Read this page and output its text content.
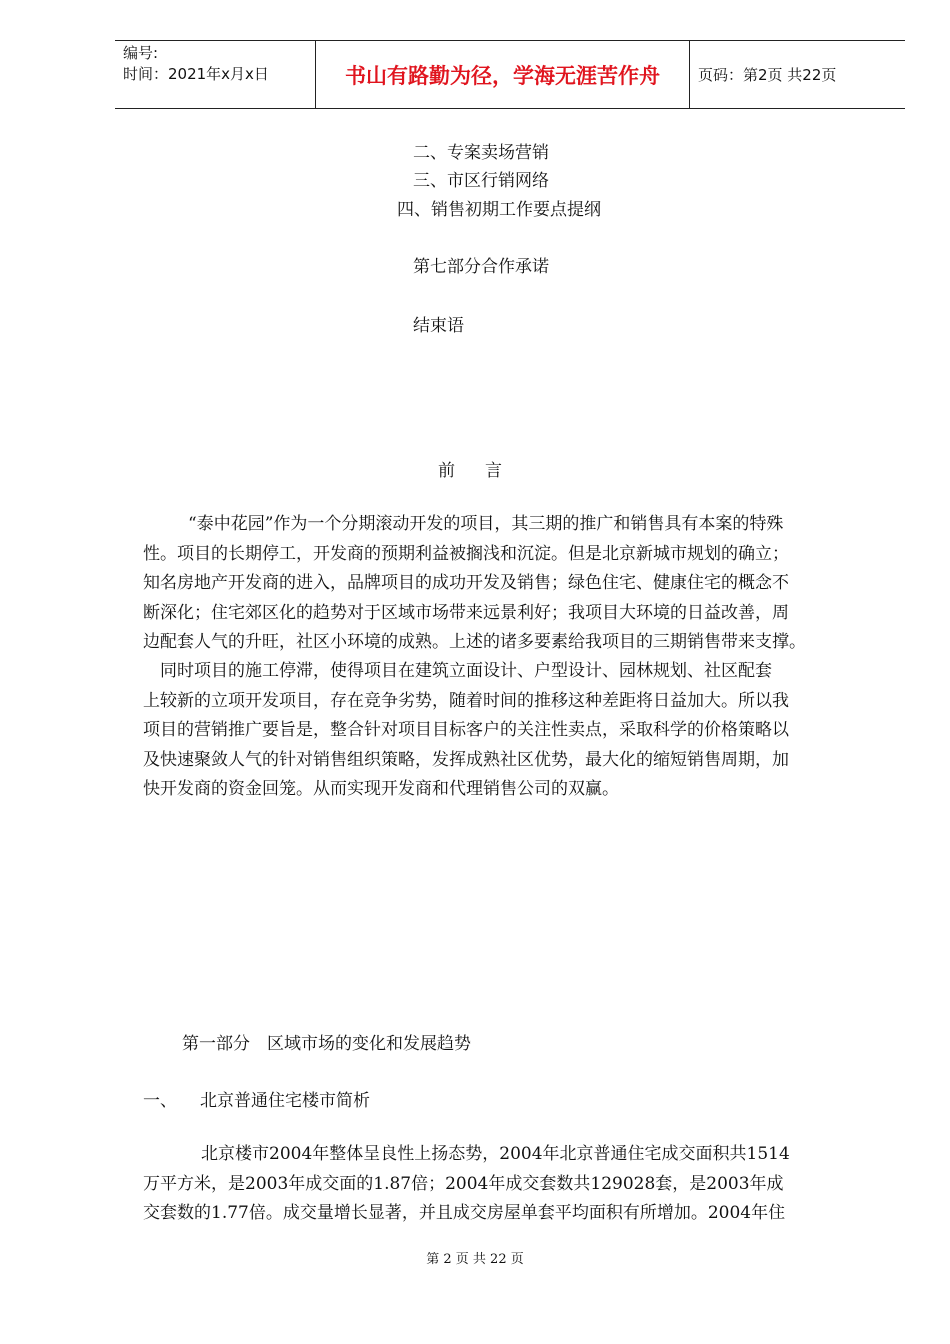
编号:
时间：2021年x月x日	书山有路勤为径，学海无涯苦作舟	页码：第2页 共22页
二、专案卖场营销
三、市区行销网络
四、销售初期工作要点提纲
第七部分合作承诺
结束语
前言
“泰中花园”作为一个分期滚动开发的项目，其三期的推广和销售具有本案的特殊
性。项目的长期停工，开发商的预期利益被搁浅和沉淀。但是北京新城市规划的确立；
知名房地产开发商的进入，品牌项目的成功开发及销售；绿色住宅、健康住宅的概念不
断深化；住宅郊区化的趋势对于区域市场带来远景利好；我项目大环境的日益改善，周
边配套人气的升旺，社区小环境的成熟。上述的诸多要素给我项目的三期销售带来支撑。
同时项目的施工停滞，使得项目在建筑立面设计、户型设计、园林规划、社区配套
上较新的立项开发项目，存在竞争劣势，随着时间的推移这种差距将日益加大。所以我
项目的营销推广要旨是，整合针对项目目标客户的关注性卖点，采取科学的价格策略以
及快速聚敛人气的针对销售组织策略，发挥成熟社区优势，最大化的缩短销售周期，加
快开发商的资金回笼。从而实现开发商和代理销售公司的双赢。
第一部分　区域市场的变化和发展趋势
一、 北京普通住宅楼市简析
北京楼市2004年整体呈良性上扬态势，2004年北京普通住宅成交面积共1514
万平方米，是2003年成交面的1.87倍；2004年成交套数共129028套，是2003年成
交套数的1.77倍。成交量增长显著，并且成交房屋单套平均面积有所增加。2004年住
第 2 页 共 22 页
